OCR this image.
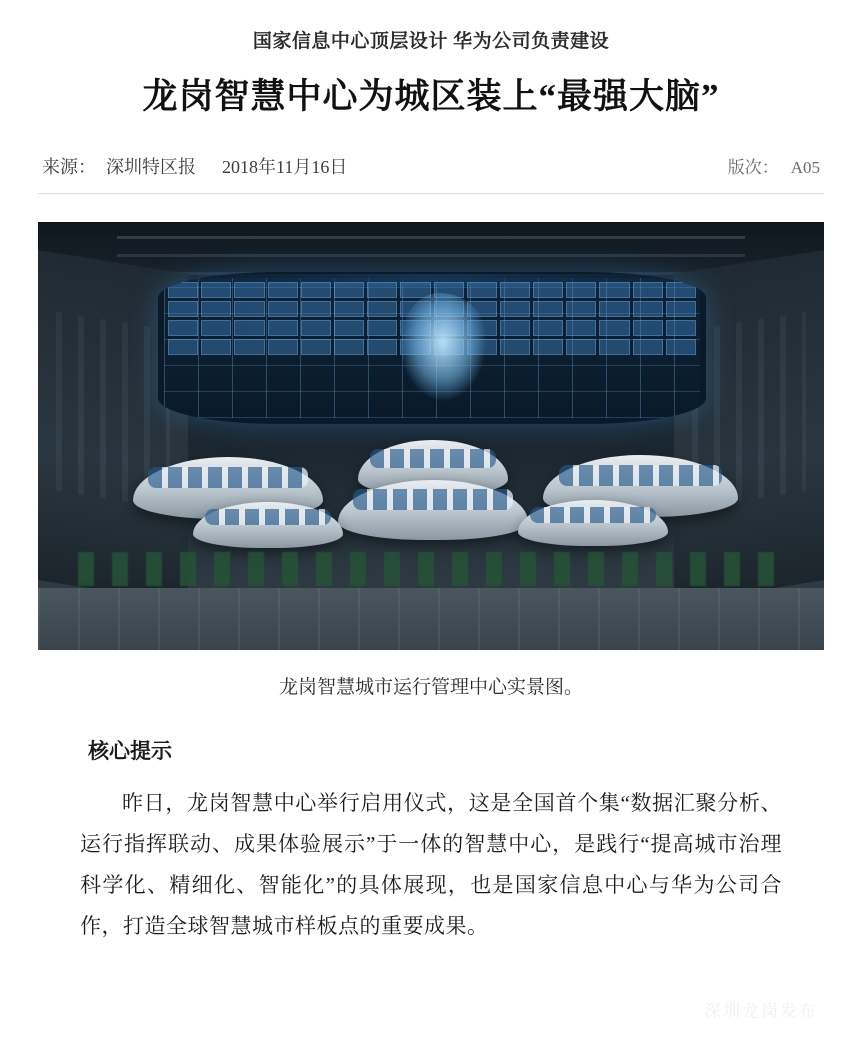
国家信息中心顶层设计 华为公司负责建设
龙岗智慧中心为城区装上“最强大脑”
来源： 深圳特区报 2018年11月16日	版次： A05
龙岗智慧城市运行管理中心实景图。
核心提示

昨日，龙岗智慧中心举行启用仪式，这是全国首个集“数据汇聚分析、运行指挥联动、成果体验展示”于一体的智慧中心，是践行“提高城市治理科学化、精细化、智能化”的具体展现，也是国家信息中心与华为公司合作，打造全球智慧城市样板点的重要成果。

深圳龙岗发布
